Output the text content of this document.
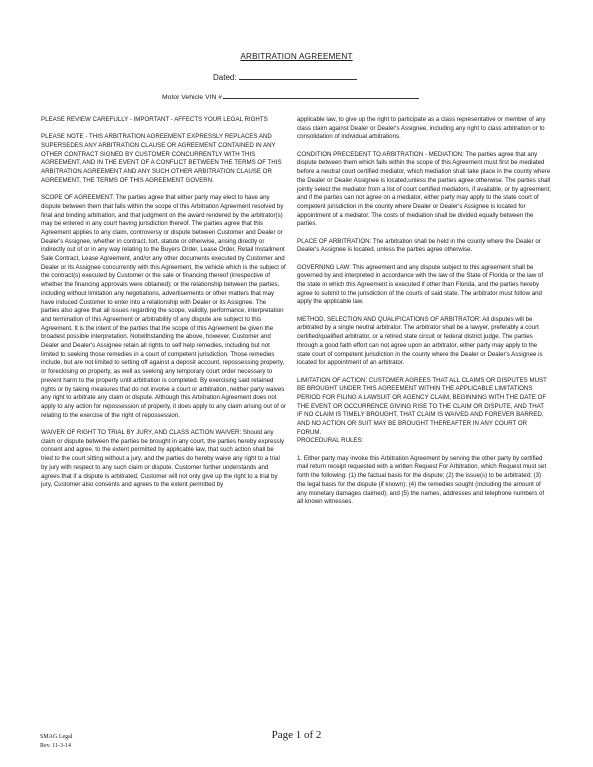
ARBITRATION AGREEMENT
Dated:
Motor Vehicle VIN #

PLEASE REVIEW CAREFULLY - IMPORTANT - AFFECTS YOUR LEGAL RIGHTS

PLEASE NOTE - THIS ARBITRATION AGREEMENT EXPRESSLY REPLACES AND SUPERSEDES ANY ARBITRATION CLAUSE OR AGREEMENT CONTAINED IN ANY OTHER CONTRACT SIGNED BY CUSTOMER CONCURRENTLY WITH THIS AGREEMENT, AND IN THE EVENT OF A CONFLICT BETWEEN THE TERMS OF THIS ARBITRATION AGREEMENT AND ANY SUCH OTHER ARBITRATION CLAUSE OR AGREEMENT, THE TERMS OF THIS AGREEMENT GOVERN.

SCOPE OF AGREEMENT: The parties agree that either party may elect to have any dispute between them that falls within the scope of this Arbitration Agreement resolved by final and binding arbitration, and that judgment on the award rendered by the arbitrator(s) may be entered in any court having jurisdiction thereof. The parties agree that this Agreement applies to any claim, controversy or dispute between Customer and Dealer or Dealer's Assignee, whether in contract, tort, statute or otherwise, arising directly or indirectly out of or in any way relating to the Buyers Order, Lease Order, Retail Installment Sale Contract, Lease Agreement, and/or any other documents executed by Customer and Dealer or its Assignee concurrently with this Agreement, the vehicle which is the subject of the contract(s) executed by Customer or the sale or financing thereof (irrespective of whether the financing approvals were obtained); or the relationship between the parties, including without limitation any negotiations, advertisements or other matters that may have induced Customer to enter into a relationship with Dealer or its Assignee. The parties also agree that all issues regarding the scope, validity, performance, interpretation and termination of this Agreement or arbitrability of any dispute are subject to this Agreement. It is the intent of the parties that the scope of this Agreement be given the broadest possible interpretation. Notwithstanding the above, however, Customer and Dealer and Dealer's Assignee retain all rights to self help remedies, including but not limited to seeking those remedies in a court of competent jurisdiction. Those remedies include, but are not limited to setting off against a deposit account, repossessing property, or foreclosing on property, as well as seeking any temporary court order necessary to prevent harm to the property until arbitration is completed. By exercising said retained rights or by taking measures that do not involve a court or arbitration, neither party waives any right to arbitrate any claim or dispute. Although this Arbitration Agreement does not apply to any action for repossession of property, it does apply to any claim arising out of or relating to the exercise of the right of repossession.

WAIVER OF RIGHT TO TRIAL BY JURY, AND CLASS ACTION WAIVER: Should any claim or dispute between the parties be brought in any court, the parties hereby expressly consent and agree, to the extent permitted by applicable law, that such action shall be tried to the court sitting without a jury, and the parties do hereby waive any right to a trial by jury with respect to any such claim or dispute. Customer further understands and agrees that if a dispute is arbitrated, Customer will not only give up the right to a trial by jury, Customer also consents and agrees to the extent permitted by

applicable law, to give up the right to participate as a class representative or member of any class claim against Dealer or Dealer's Assignee, including any right to class arbitration or to consolidation of individual arbitrations.

CONDITION PRECEDENT TO ARBITRATION - MEDIATION: The parties agree that any dispute between them which falls within the scope of this Agreement must first be mediated before a neutral court certified mediator, which mediation shall take place in the county where the Dealer or Dealer Assignee is located,unless the parties agree otherwise. The parties shall jointly select the mediator from a list of court certified mediators, if available, or by agreement; and if the parties can not agree on a mediator, either party may apply to the state court of competent jurisdiction in the county where Dealer or Dealer's Assignee is located for appointment of a mediator. The costs of mediation shall be divided equally between the parties.

PLACE OF ARBITRATION: The arbitration shall be held in the county where the Dealer or Dealer's Assignee is located, unless the parties agree otherwise.

GOVERNING LAW: This agreement and any dispute subject to this agreement shall be governed by and interpreted in accordance with the law of the State of Florida or the law of the state in which this Agreement is executed if other than Florida, and the parties hereby agree to submit to the jurisdiction of the courts of said state. The arbitrator must follow and apply the applicable law.

METHOD, SELECTION AND QUALIFICATIONS OF ARBITRATOR: All disputes will be arbitrated by a single neutral arbitrator. The arbitrator shall be a lawyer, preferably a court certified/qualified arbitrator, or a retired state circuit or federal district judge. The parties through a good faith effort can not agree upon an arbitrator, either party may apply to the state court of competent jurisdiction in the county where the Dealer or Dealer's Assignee is located for appointment of an arbitrator.

LIMITATION OF ACTION: CUSTOMER AGREES THAT ALL CLAIMS OR DISPUTES MUST BE BROUGHT UNDER THIS AGREEMENT WITHIN THE APPLICABLE LIMITATIONS PERIOD FOR FILING A LAWSUIT OR AGENCY CLAIM, BEGINNING WITH THE DATE OF THE EVENT OR OCCURRENCE GIVING RISE TO THE CLAIM OR DISPUTE, AND THAT IF NO CLAIM IS TIMELY BROUGHT, THAT CLAIM IS WAIVED AND FOREVER BARRED, AND NO ACTION OR SUIT MAY BE BROUGHT THEREAFTER IN ANY COURT OR FORUM.

PROCEDURAL RULES:

1. Either party may invoke this Arbitration Agreement by serving the other party by certified mail return receipt requested with a written Request For Arbitration, which Request must set forth the following: (1) the factual basis for the dispute; (2) the issue(s) to be arbitrated; (3) the legal basis for the dispute (if known); (4) the remedies sought (including the amount of any monetary damages claimed); and (5) the names, addresses and telephone numbers of all known witnesses.

SMAG Legal
Rev. 11-3-14
Page 1 of 2
